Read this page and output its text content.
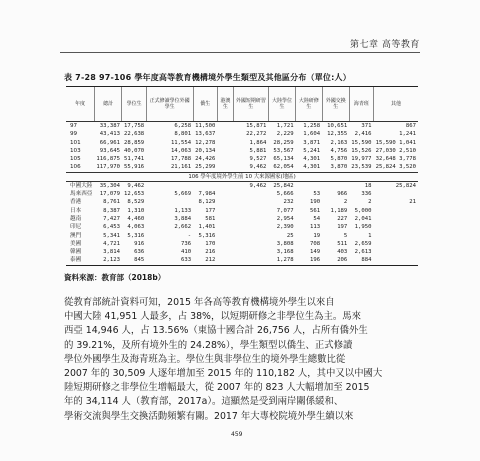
第七章 高等教育
表 7-28 97-106 學年度高等教育機構境外學生類型及其他區分布（單位:人）
年度	總計	學位生	正式修讀學位外國學生	僑生	港澳生	外國短期研習生	大陸學位生	大陸研修生	外國交換生	海青班	其他
97	33,387	17,758	6,258	11,500		15,871	1,721	1,258	10,651	371	867
99	43,413	22,638	8,801	13,637		22,272	2,229	1,604	12,355	2,416	1,241
101	66,961	28,859	11,554	12,278		1,864	28,259	3,871	2,163	15,590	15,590 1,041
103	93,645	40,070	14,063	20,134		5,881	53,567	5,241	4,756	15,526	27,030 2,510
105	116,875	51,741	17,788	24,426		9,527	65,134	4,301	5,870	19,977	32,648 3,778
106	117,970	55,916	21,161	25,299		9,462	62,054	4,301	3,870	23,539	25,824 3,520
106 學年度境外學生前 10 大來源國家(地區)											
中國大陸	35,304	9,462				9,462	25,842			18	25,824
馬來西亞	17,079	12,653	5,669	7,984			5,666	53	966	336	
香港	8,761	8,529		8,129			232	190	2	2	21
日本	8,387	1,310	1,133	177			7,077	561	1,189	5,000	
越南	7,427	4,460	3,884	581			2,954	54	227	2,041	
印尼	6,453	4,063	2,662	1,401			2,390	113	197	1,950	
澳門	5,341	5,316	-	5,316			25	19	5	1	
美國	4,721	916	736	170			3,808	708	511	2,659	
韓國	3,814	636	410	216			3,168	149	403	2,613	
泰國	2,123	845	633	212			1,278	196	206	884	
資料來源：教育部（2018b）

從教育部統計資料可知，2015 年各高等教育機構境外學生以來自

中國大陸 41,951 人最多，占 38%，以短期研修之非學位生為主。馬來

西亞 14,946 人，占 13.56%（東協十國合計 26,756 人，占所有僑外生

的 39.21%，及所有境外生的 24.28%），學生類型以僑生、正式修讀

學位外國學生及海青班為主。學位生與非學位生的境外學生總數比從

2007 年的 30,509 人逐年增加至 2015 年的 110,182 人，其中又以中國大

陸短期研修之非學位生增幅最大，從 2007 年的 823 人大幅增加至 2015

年的 34,114 人（教育部，2017a）。這顯然是受到兩岸關係緩和、

學術交流與學生交換活動頻繁有關。2017 年大專校院境外學生續以來

459
